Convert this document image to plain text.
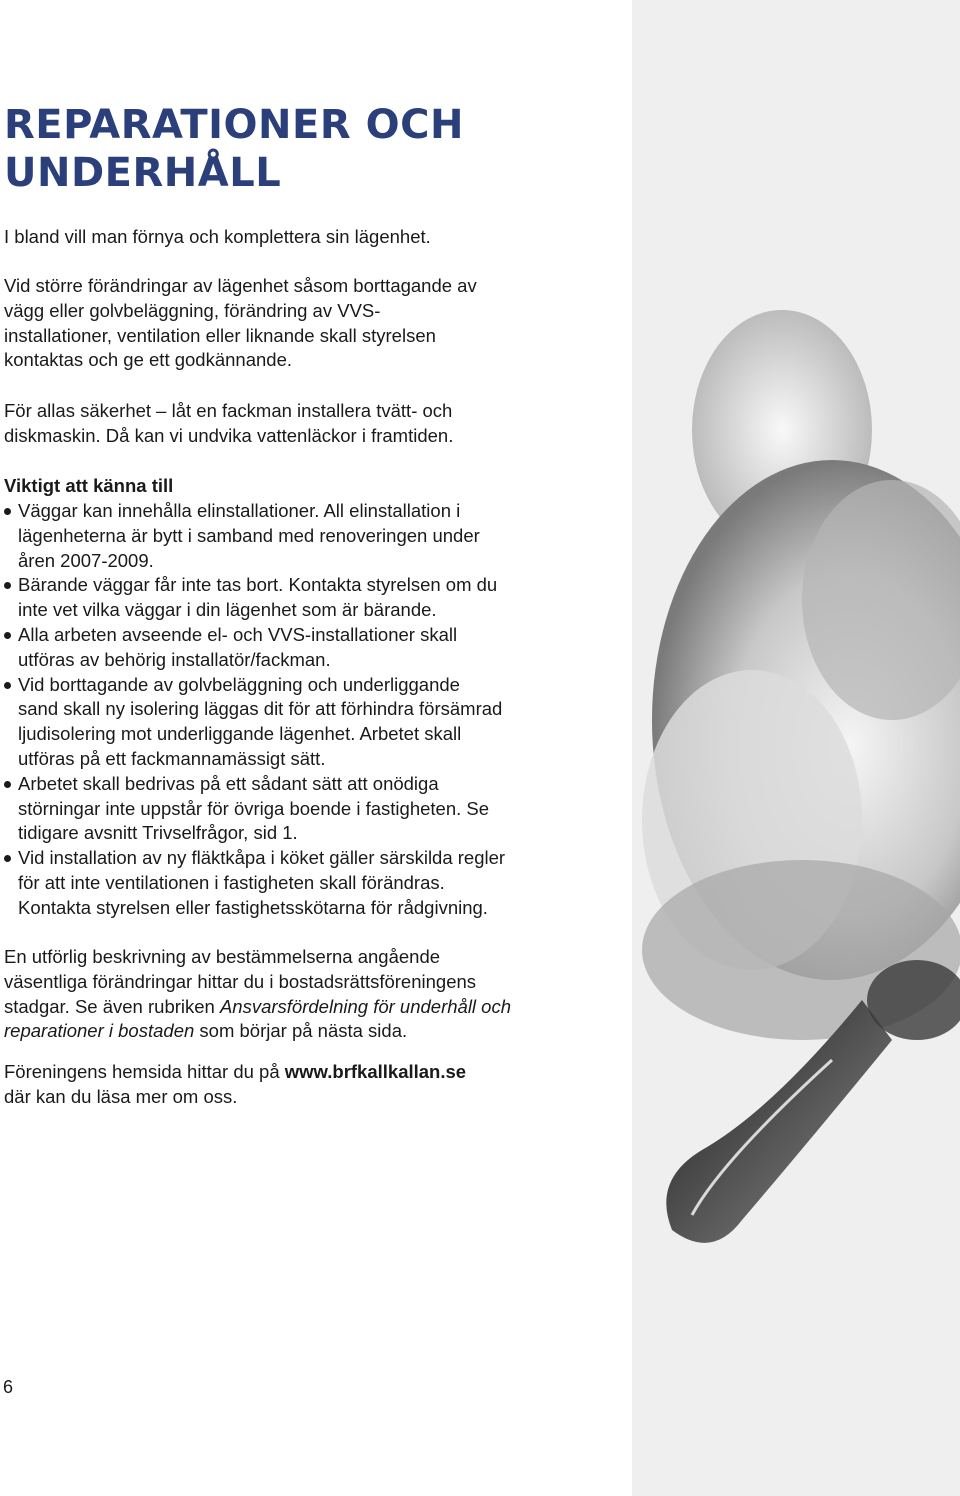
REPARATIONER OCH
UNDERHÅLL

I bland vill man förnya och komplettera sin lägenhet.

Vid större förändringar av lägenhet såsom borttagande av
vägg eller golvbeläggning, förändring av VVS-
installationer, ventilation eller liknande skall styrelsen
kontaktas och ge ett godkännande.

För allas säkerhet – låt en fackman installera tvätt- och
diskmaskin. Då kan vi undvika vattenläckor i framtiden.

Viktigt att känna till

Väggar kan innehålla elinstallationer. All elinstallation i
lägenheterna är bytt i samband med renoveringen under
åren 2007-2009.
Bärande väggar får inte tas bort. Kontakta styrelsen om du
inte vet vilka väggar i din lägenhet som är bärande.
Alla arbeten avseende el- och VVS-installationer skall
utföras av behörig installatör/fackman.
Vid borttagande av golvbeläggning och underliggande
sand skall ny isolering läggas dit för att förhindra försämrad
ljudisolering mot underliggande lägenhet. Arbetet skall
utföras på ett fackmannamässigt sätt.
Arbetet skall bedrivas på ett sådant sätt att onödiga
störningar inte uppstår för övriga boende i fastigheten. Se
tidigare avsnitt Trivselfrågor, sid 1.
Vid installation av ny fläktkåpa i köket gäller särskilda regler
för att inte ventilationen i fastigheten skall förändras.
Kontakta styrelsen eller fastighetsskötarna för rådgivning.

En utförlig beskrivning av bestämmelserna angående
väsentliga förändringar hittar du i bostadsrättsföreningens
stadgar. Se även rubriken Ansvarsfördelning för underhåll och
reparationer i bostaden som börjar på nästa sida.

Föreningens hemsida hittar du på www.brfkallkallan.se
där kan du läsa mer om oss.

6
